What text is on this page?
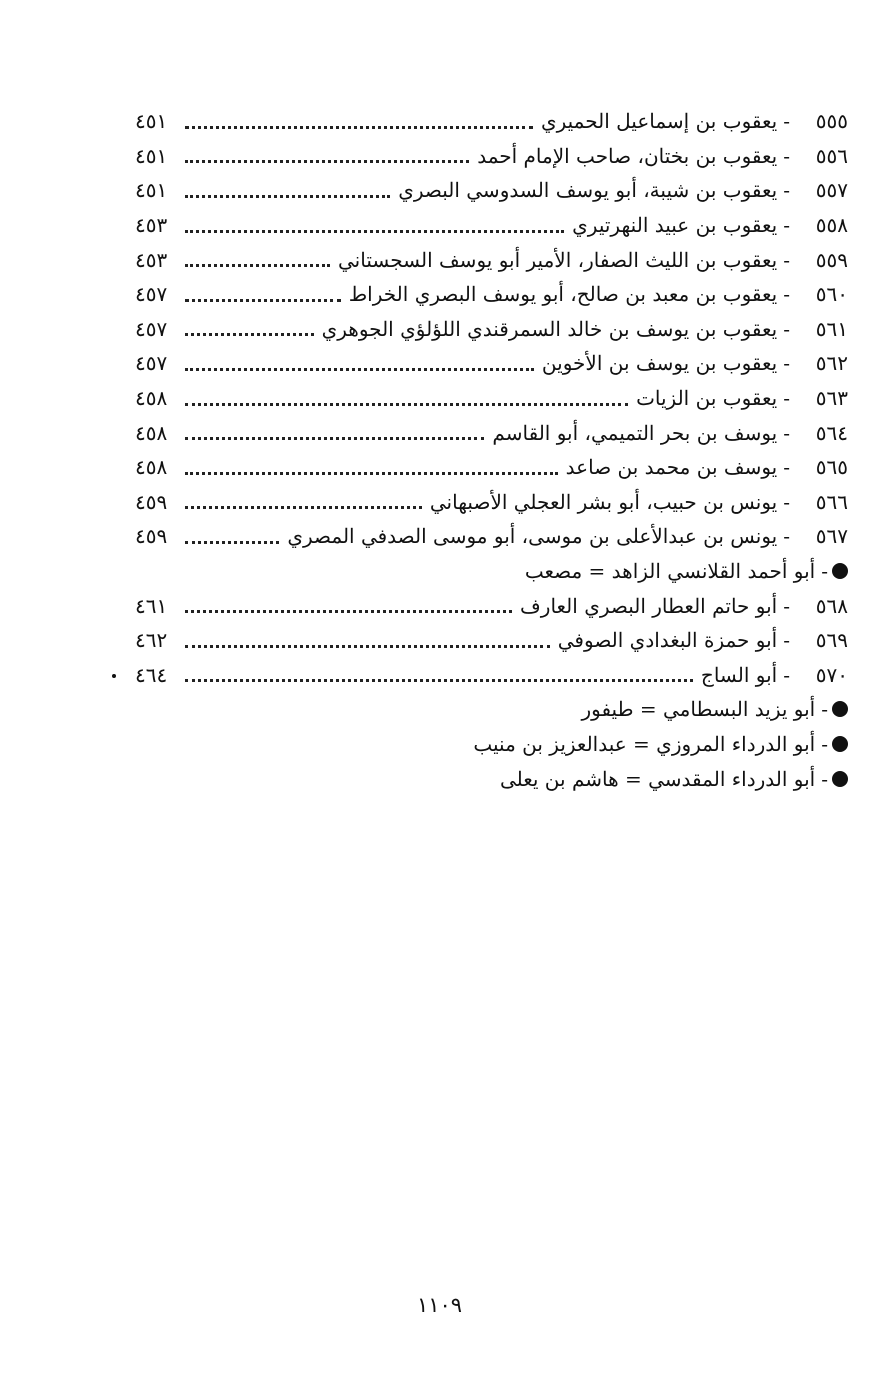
٥٥٥
-
يعقوب بن إسماعيل الحميري
٤٥١
٥٥٦
-
يعقوب بن بختان، صاحب الإمام أحمد
٤٥١
٥٥٧
-
يعقوب بن شيبة، أبو يوسف السدوسي البصري
٤٥١
٥٥٨
-
يعقوب بن عبيد النهرتيري
٤٥٣
٥٥٩
-
يعقوب بن الليث الصفار، الأمير أبو يوسف السجستاني
٤٥٣
٥٦٠
-
يعقوب بن معبد بن صالح، أبو يوسف البصري الخراط
٤٥٧
٥٦١
-
يعقوب بن يوسف بن خالد السمرقندي اللؤلؤي الجوهري
٤٥٧
٥٦٢
-
يعقوب بن يوسف بن الأخوين
٤٥٧
٥٦٣
-
يعقوب بن الزيات
٤٥٨
٥٦٤
-
يوسف بن بحر التميمي، أبو القاسم
٤٥٨
٥٦٥
-
يوسف بن محمد بن صاعد
٤٥٨
٥٦٦
-
يونس بن حبيب، أبو بشر العجلي الأصبهاني
٤٥٩
٥٦٧
-
يونس بن عبدالأعلى بن موسى، أبو موسى الصدفي المصري
٤٥٩
-
أبو أحمد القلانسي الزاهد = مصعب
٥٦٨
-
أبو حاتم العطار البصري العارف
٤٦١
٥٦٩
-
أبو حمزة البغدادي الصوفي
٤٦٢
٥٧٠
-
أبو الساج
٤٦٤
-
أبو يزيد البسطامي = طيفور
-
أبو الدرداء المروزي = عبدالعزيز بن منيب
-
أبو الدرداء المقدسي = هاشم بن يعلى
١١٠٩
